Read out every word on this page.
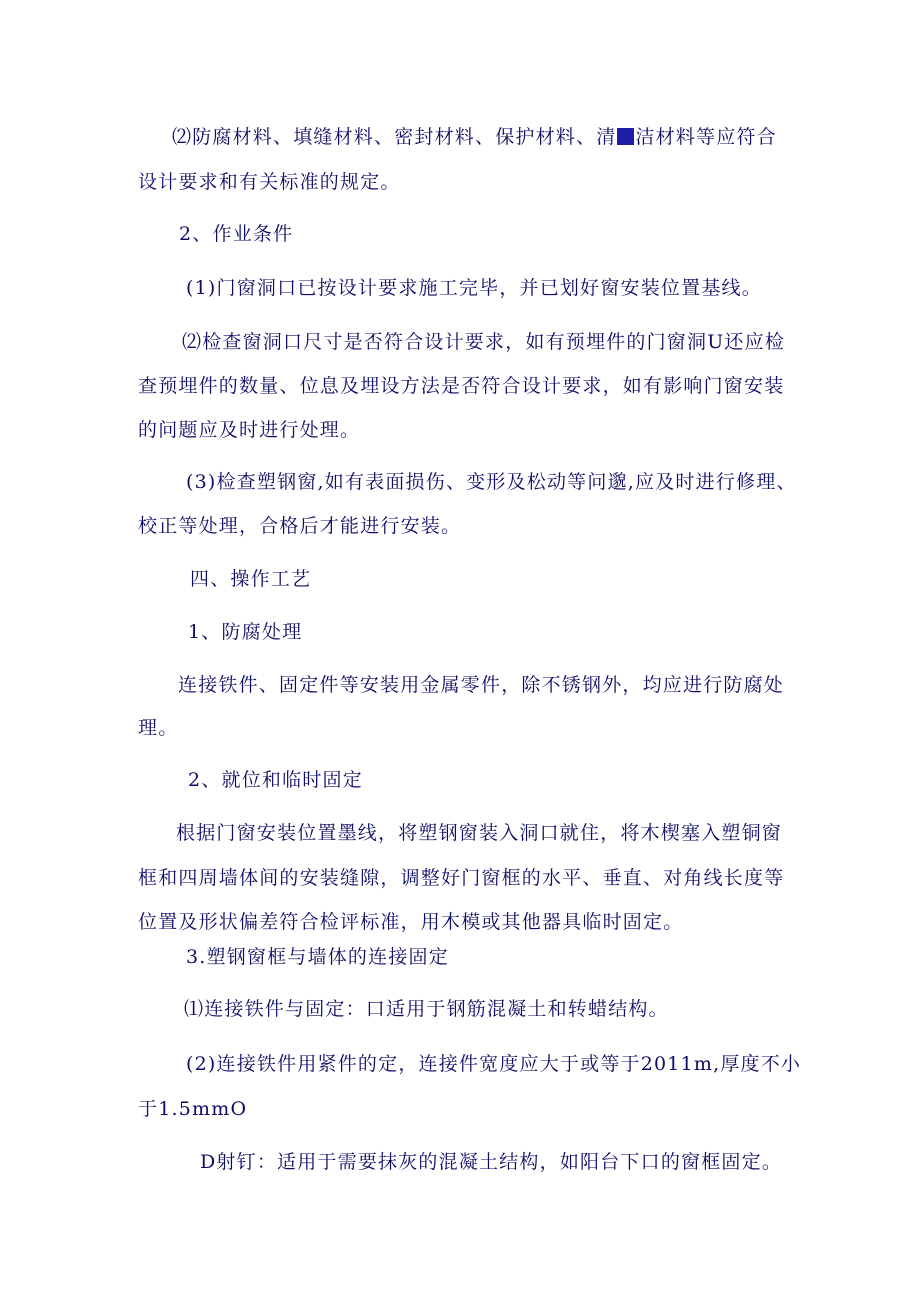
⑵防腐材料、填缝材料、密封材料、保护材料、清 洁材料等应符合
设计要求和有关标准的规定。
2、作业条件
(1)门窗洞口已按设计要求施工完毕，并已划好窗安装位置基线。
⑵检查窗洞口尺寸是否符合设计要求，如有预埋件的门窗洞U还应检
查预埋件的数量、位息及埋设方法是否符合设计要求，如有影响门窗安装
的问题应及时进行处理。
(3)检查塑钢窗,如有表面损伤、变形及松动等问邈,应及时进行修理、
校正等处理，合格后才能进行安装。
四、操作工艺
1、防腐处理
连接铁件、固定件等安装用金属零件，除不锈钢外，均应进行防腐处
理。
2、就位和临时固定
根据门窗安装位置墨线，将塑钢窗装入洞口就住，将木楔塞入塑铜窗
框和四周墙体间的安装缝隙，调整好门窗框的水平、垂直、对角线长度等
位置及形状偏差符合检评标准，用木模或其他器具临时固定。
3.塑钢窗框与墙体的连接固定
⑴连接铁件与固定：口适用于钢筋混凝土和转蜡结构。
(2)连接铁件用紧件的定，连接件宽度应大于或等于2011m,厚度不小
于1.5mmO
D射钉：适用于需要抹灰的混凝土结构，如阳台下口的窗框固定。
